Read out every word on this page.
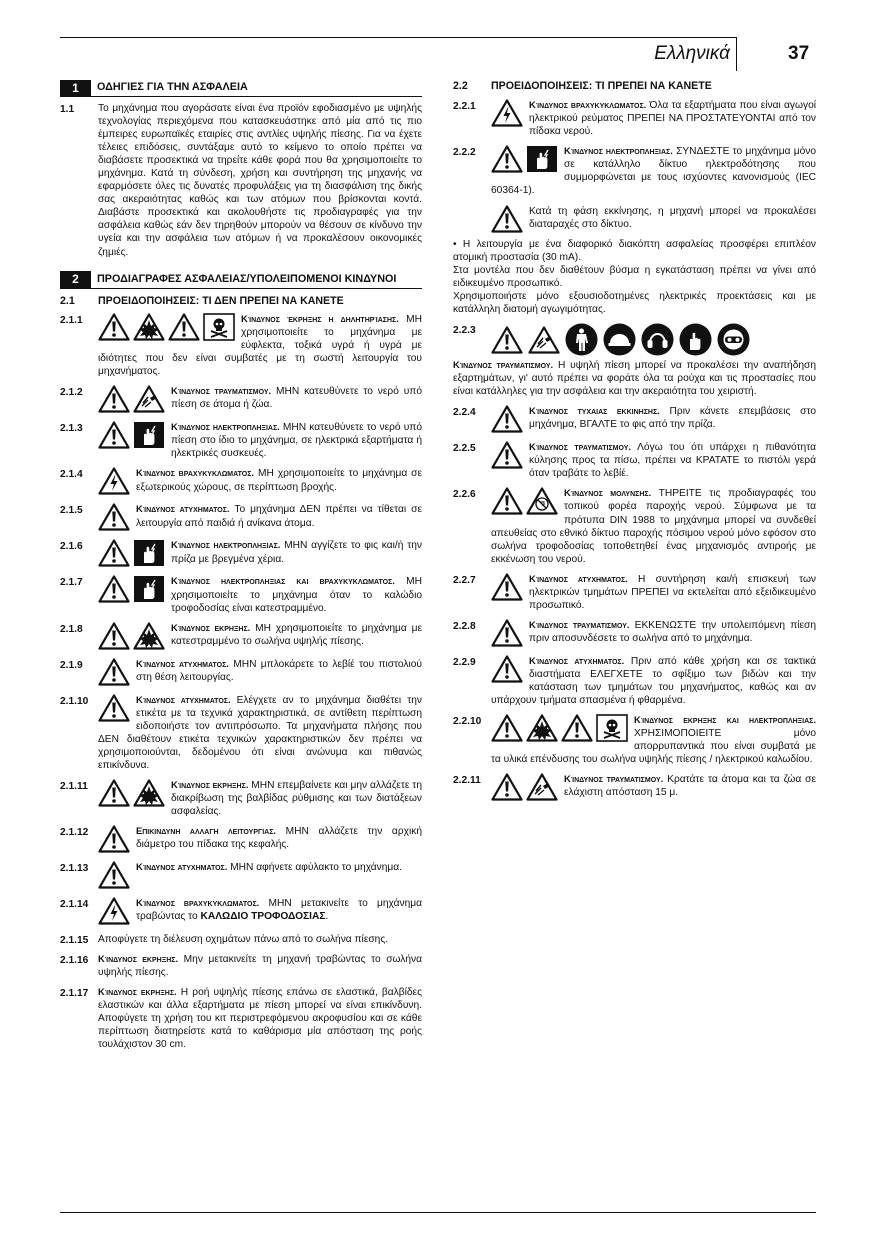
Ελληνικά	37
1	ΟΔΗΓΙΕΣ ΓΙΑ ΤΗΝ ΑΣΦΑΛΕΙΑ
1.1 Το μηχάνημα που αγοράσατε είναι ένα προϊόν εφοδιασμένο με υψηλής τεχνολογίας περιεχόμενα που κατασκευάστηκε από μία από τις πιο έμπειρες ευρωπαϊκές εταιρίες στις αντλίες υψηλής πίεσης. Για να έχετε τέλειες επιδόσεις, συντάξαμε αυτό το κείμενο το οποίο πρέπει να διαβάσετε προσεκτικά να τηρείτε κάθε φορά που θα χρησιμοποιείτε το μηχάνημα. Κατά τη σύνδεση, χρήση και συντήρηση της μηχανής να εφαρμόσετε όλες τις δυνατές προφυλάξεις για τη διασφάλιση της δικής σας ακεραιότητας καθώς και των ατόμων που βρίσκονται κοντά. Διαβάστε προσεκτικά και ακολουθήστε τις προδιαγραφές για την ασφάλεια καθώς εάν δεν τηρηθούν μπορούν να θέσουν σε κίνδυνο την υγεία και την ασφάλεια των ατόμων ή να προκαλέσουν οικονομικές ζημιές.
2	ΠΡΟΔΙΑΓΡΑΦΕΣ ΑΣΦΑΛΕΙΑΣ/ΥΠΟΛΕΙΠΟΜΕΝΟΙ ΚΙΝΔΥΝΟΙ
2.1	ΠΡΟΕΙΔΟΠΟΙΗΣΕΙΣ: ΤΙ ΔΕΝ ΠΡΕΠΕΙ ΝΑ ΚΑΝΕΤΕ
2.1.1	Κίνδυνος έκρηξης η δηλητηρίασης. ΜΗ χρησιμοποιείτε το μηχάνημα με εύφλεκτα, τοξικά υγρά ή υγρά με ιδιότητες που δεν είναι συμβατές με τη σωστή λειτουργία του μηχανήματος.
2.1.2	Κίνδυνος τραυματισμου. ΜΗΝ κατευθύνετε το νερό υπό πίεση σε άτομα ή ζώα.
2.1.3	Κίνδυνος ηλεκτροπληξιας. ΜΗΝ κατευθύνετε το νερό υπό πίεση στο ίδιο το μηχάνημα, σε ηλεκτρικά εξαρτήματα ή ηλεκτρικές συσκευές.
2.1.4	Κίνδυνος βραχυκυκλωματος. ΜΗ χρησιμοποιείτε το μηχάνημα σε εξωτερικούς χώρους, σε περίπτωση βροχής.
2.1.5	Κίνδυνος ατυχηματος. Το μηχάνημα ΔΕΝ πρέπει να τίθεται σε λειτουργία από παιδιά ή ανίκανα άτομα.
2.1.6	Κίνδυνος ηλεκτροπληξιας. ΜΗΝ αγγίζετε το φις και/ή την πρίζα με βρεγμένα χέρια.
2.1.7	Κίνδυνος ηλεκτροπληξιας και βραχυκυκλωματος. ΜΗ χρησιμοποιείτε το μηχάνημα όταν το καλώδιο τροφοδοσίας είναι κατεστραμμένο.
2.1.8	Κίνδυνος εκρηξης. ΜΗ χρησιμοποιείτε το μηχάνημα με κατεστραμμένο το σωλήνα υψηλής πίεσης.
2.1.9	Κίνδυνος ατυχηματος. ΜΗΝ μπλοκάρετε το λεβίέ του πιστολιού στη θέση λειτουργίας.
2.1.10	Κίνδυνος ατυχηματος. Ελέγχετε αν το μηχάνημα διαθέτει την ετικέτα με τα τεχνικά χαρακτηριστικά, σε αντίθετη περίπτωση ειδοποιήστε τον αντιπρόσωπο. Τα μηχανήματα πλήσης που ΔΕΝ διαθέτουν ετικέτα τεχνικών χαρακτηριστικών δεν πρέπει να χρησιμοποιούνται, δεδομένου ότι είναι ανώνυμα και πιθανώς επικίνδυνα.
2.1.11	Κίνδυνος εκρηξης. ΜΗΝ επεμβαίνετε και μην αλλάζετε τη διακρίβωση της βαλβίδας ρύθμισης και των διατάξεων ασφαλείας.
2.1.12	Επικινδυνη αλλαγη λειτουργιας. ΜΗΝ αλλάζετε την αρχική διάμετρο του πίδακα της κεφαλής.
2.1.13	Κίνδυνος ατυχηματος. ΜΗΝ αφήνετε αφύλακτο το μηχάνημα.
2.1.14	Κίνδυνος βραχυκυκλωματος. ΜΗΝ μετακινείτε το μηχάνημα τραβώντας το ΚΑΛΩΔΙΟ ΤΡΟΦΟΔΟΣΙΑΣ.
2.1.15 Αποφύγετε τη διέλευση οχημάτων πάνω από το σωλήνα πίεσης.
2.1.16 Κίνδυνος εκρηξης. Μην μετακινείτε τη μηχανή τραβώντας το σωλήνα υψηλής πίεσης.
2.1.17 Κίνδυνος εκρηξης. Η ροή υψηλής πίεσης επάνω σε ελαστικά, βαλβίδες ελαστικών και άλλα εξαρτήματα με πίεση μπορεί να είναι επικίνδυνη. Αποφύγετε τη χρήση του κιτ περιστρεφόμενου ακροφυσίου και σε κάθε περίπτωση διατηρείστε κατά το καθάρισμα μία απόσταση της ροής τουλάχιστον 30 cm.
2.2	ΠΡΟΕΙΔΟΠΟΙΗΣΕΙΣ: ΤΙ ΠΡΕΠΕΙ ΝΑ ΚΑΝΕΤΕ
2.2.1	Κίνδυνος βραχυκυκλωματος. Όλα τα εξαρτήματα που είναι αγωγοί ηλεκτρικού ρεύματος ΠΡΕΠΕΙ ΝΑ ΠΡΟΣΤΑΤΕΥΟΝΤΑΙ από τον πίδακα νερού.
2.2.2	Κίνδυνος ηλεκτροπληξιας. ΣΥΝΔΕΣΤΕ το μηχάνημα μόνο σε κατάλληλο δίκτυο ηλεκτροδότησης που συμμορφώνεται με τους ισχύοντες κανονισμούς (IEC 60364-1).
Κατά τη φάση εκκίνησης, η μηχανή μπορεί να προκαλέσει διαταραχές στο δίκτυο.
• Η λειτουργία με ένα διαφορικό διακόπτη ασφαλείας προσφέρει επιπλέον ατομική προστασία (30 mA).
Στα μοντέλα που δεν διαθέτουν βύσμα η εγκατάσταση πρέπει να γίνει από ειδικευμένο προσωπικό.
Χρησιμοποιήστε μόνο εξουσιοδοτημένες ηλεκτρικές προεκτάσεις και με κατάλληλη διατομή αγωγιμότητας.
2.2.3
Κίνδυνος τραυματισμου. Η υψηλή πίεση μπορεί να προκαλέσει την αναπήδηση εξαρτημάτων, γι' αυτό πρέπει να φοράτε όλα τα ρούχα και τις προστασίες που είναι κατάλληλες για την ασφάλεια και την ακεραιότητα του χειριστή.
2.2.4	Κίνδυνος τυχαιας εκκινησης. Πριν κάνετε επεμβάσεις στο μηχάνημα, ΒΓΑΛΤΕ το φις από την πρίζα.
2.2.5	Κίνδυνος τραυματισμου. Λόγω του ότι υπάρχει η πιθανότητα κύλησης προς τα πίσω, πρέπει να ΚΡΑΤΑΤΕ το πιστόλι γερά όταν τραβάτε το λεβίέ.
2.2.6	Κίνδυνος μολυνσης. ΤΗΡΕΙΤΕ τις προδιαγραφές του τοπικού φορέα παροχής νερού. Σύμφωνα με τα πρότυπα DIN 1988 το μηχάνημα μπορεί να συνδεθεί απευθείας στο εθνικό δίκτυο παροχής πόσιμου νερού μόνο εφόσον στο σωλήνα τροφοδοσίας τοποθετηθεί ένας μηχανισμός αντιροής με εκκένωση του νερού.
2.2.7	Κίνδυνος ατυχηματος. Η συντήρηση και/ή επισκευή των ηλεκτρικών τμημάτων ΠΡΕΠΕΙ να εκτελείται από εξειδικευμένο προσωπικό.
2.2.8	Κίνδυνος τραυματισμου. ΕΚΚΕΝΩΣΤΕ την υπολειπόμενη πίεση πριν αποσυνδέσετε το σωλήνα από το μηχάνημα.
2.2.9	Κίνδυνος ατυχηματος. Πριν από κάθε χρήση και σε τακτικά διαστήματα ΕΛΕΓΧΕΤΕ το σφίξιμο των βιδών και την κατάσταση των τμημάτων του μηχανήματος, καθώς και αν υπάρχουν τμήματα σπασμένα ή φθαρμένα.
2.2.10	Κίνδυνος εκρηξης και ηλεκτροπληξιας. ΧΡΗΣΙΜΟΠΟΙΕΙΤΕ μόνο απορρυπαντικά που είναι συμβατά με τα υλικά επένδυσης του σωλήνα υψηλής πίεσης / ηλεκτρικού καλωδίου.
2.2.11	Κίνδυνος τραυματισμου. Κρατάτε τα άτομα και τα ζώα σε ελάχιστη απόσταση 15 μ.
